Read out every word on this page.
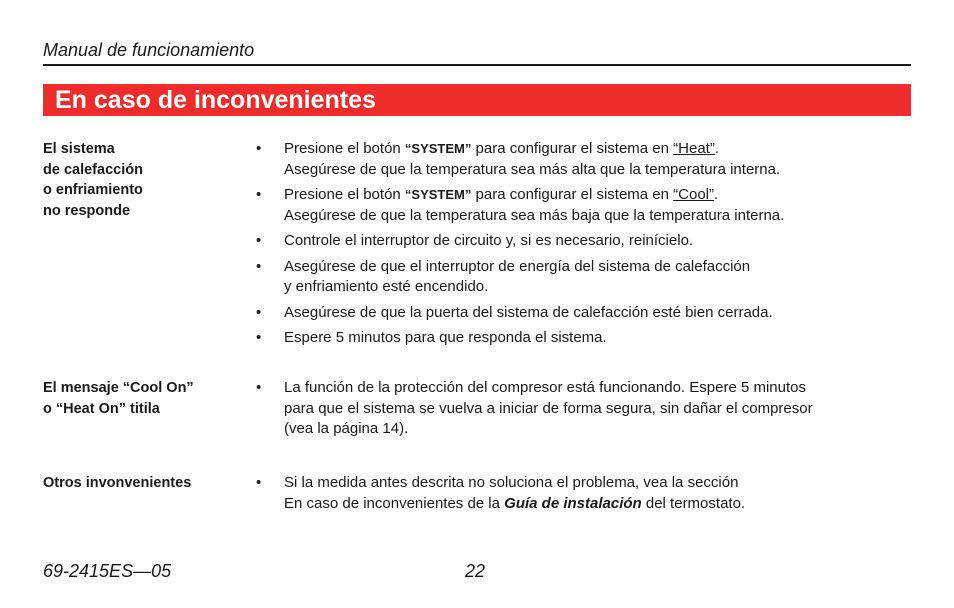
Manual de funcionamiento
En caso de inconvenientes
El sistema
de calefacción
o enfriamiento
no responde
• Presione el botón “SYSTEM” para configurar el sistema en “Heat”.
Asegúrese de que la temperatura sea más alta que la temperatura interna.
• Presione el botón “SYSTEM” para configurar el sistema en “Cool”.
Asegúrese de que la temperatura sea más baja que la temperatura interna.
• Controle el interruptor de circuito y, si es necesario, reinícielo.
• Asegúrese de que el interruptor de energía del sistema de calefacción
y enfriamiento esté encendido.
• Asegúrese de que la puerta del sistema de calefacción esté bien cerrada.
• Espere 5 minutos para que responda el sistema.
El mensaje “Cool On”
o “Heat On” titila
• La función de la protección del compresor está funcionando. Espere 5 minutos
para que el sistema se vuelva a iniciar de forma segura, sin dañar el compresor
(vea la página 14).
Otros invonvenientes	• Si la medida antes descrita no soluciona el problema, vea la sección
En caso de inconvenientes de la Guía de instalación del termostato.
69-2415ES—05	22
